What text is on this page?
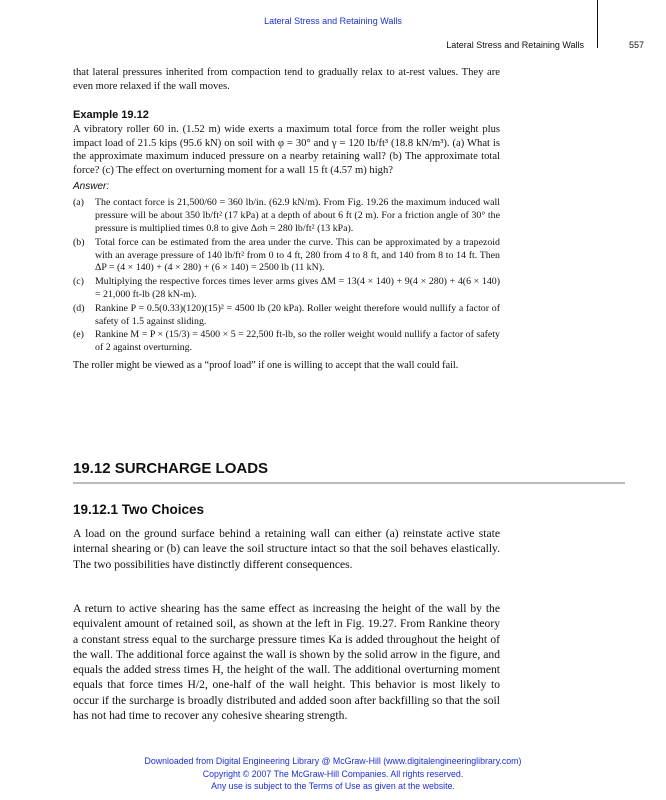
Lateral Stress and Retaining Walls
Lateral Stress and Retaining Walls	557

that lateral pressures inherited from compaction tend to gradually relax to at-rest values. They are even more relaxed if the wall moves.

Example 19.12

A vibratory roller 60 in. (1.52 m) wide exerts a maximum total force from the roller weight plus impact load of 21.5 kips (95.6 kN) on soil with φ = 30° and γ = 120 lb/ft³ (18.8 kN/m³). (a) What is the approximate maximum induced pressure on a nearby retaining wall? (b) The approximate total force? (c) The effect on overturning moment for a wall 15 ft (4.57 m) high?

Answer:
(a) The contact force is 21,500/60 = 360 lb/in. (62.9 kN/m). From Fig. 19.26 the maximum induced wall pressure will be about 350 lb/ft² (17 kPa) at a depth of about 6 ft (2 m). For a friction angle of 30° the pressure is multiplied times 0.8 to give Δσh = 280 lb/ft² (13 kPa).
(b) Total force can be estimated from the area under the curve. This can be approximated by a trapezoid with an average pressure of 140 lb/ft² from 0 to 4 ft, 280 from 4 to 8 ft, and 140 from 8 to 14 ft. Then ΔP = (4 × 140) + (4 × 280) + (6 × 140) = 2500 lb (11 kN).
(c) Multiplying the respective forces times lever arms gives ΔM = 13(4 × 140) + 9(4 × 280) + 4(6 × 140) = 21,000 ft-lb (28 kN-m).
(d) Rankine P = 0.5(0.33)(120)(15)² = 4500 lb (20 kPa). Roller weight therefore would nullify a factor of safety of 1.5 against sliding.
(e) Rankine M = P × (15/3) = 4500 × 5 = 22,500 ft-lb, so the roller weight would nullify a factor of safety of 2 against overturning.

The roller might be viewed as a “proof load” if one is willing to accept that the wall could fail.

19.12 SURCHARGE LOADS
19.12.1 Two Choices

A load on the ground surface behind a retaining wall can either (a) reinstate active state internal shearing or (b) can leave the soil structure intact so that the soil behaves elastically. The two possibilities have distinctly different consequences.

A return to active shearing has the same effect as increasing the height of the wall by the equivalent amount of retained soil, as shown at the left in Fig. 19.27. From Rankine theory a constant stress equal to the surcharge pressure times Ka is added throughout the height of the wall. The additional force against the wall is shown by the solid arrow in the figure, and equals the added stress times H, the height of the wall. The additional overturning moment equals that force times H/2, one-half of the wall height. This behavior is most likely to occur if the surcharge is broadly distributed and added soon after backfilling so that the soil has not had time to recover any cohesive shearing strength.

Downloaded from Digital Engineering Library @ McGraw-Hill (www.digitalengineeringlibrary.com)
Copyright © 2007 The McGraw-Hill Companies. All rights reserved.
Any use is subject to the Terms of Use as given at the website.
